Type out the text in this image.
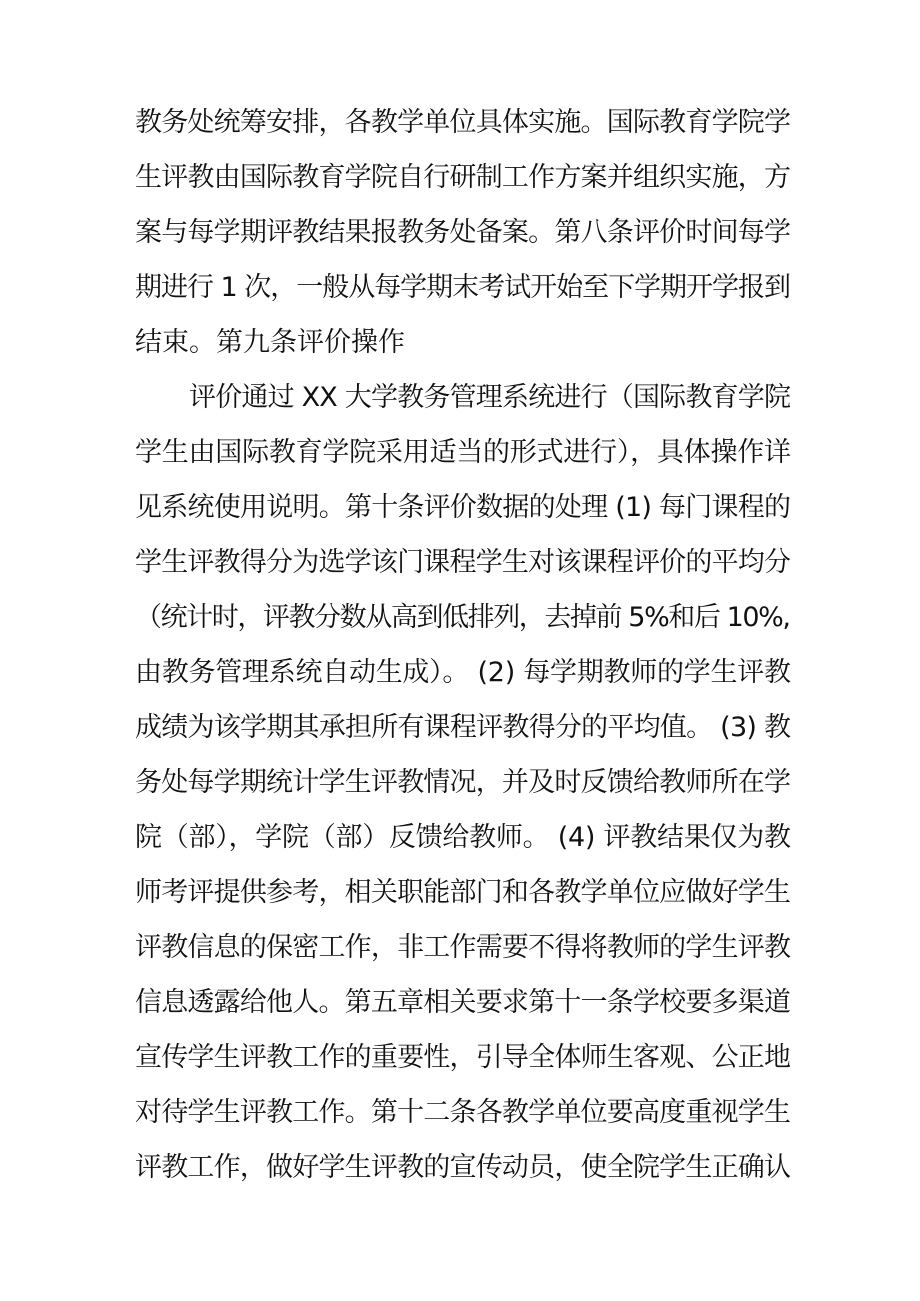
教务处统筹安排，各教学单位具体实施。国际教育学院学
生评教由国际教育学院自行研制工作方案并组织实施，方
案与每学期评教结果报教务处备案。第八条评价时间每学
期进行 1 次，一般从每学期末考试开始至下学期开学报到
结束。第九条评价操作
评价通过 XX 大学教务管理系统进行（国际教育学院
学生由国际教育学院采用适当的形式进行），具体操作详
见系统使用说明。第十条评价数据的处理 (1) 每门课程的
学生评教得分为选学该门课程学生对该课程评价的平均分
（统计时，评教分数从高到低排列，去掉前 5%和后 10%,
由教务管理系统自动生成）。 (2) 每学期教师的学生评教
成绩为该学期其承担所有课程评教得分的平均值。 (3) 教
务处每学期统计学生评教情况，并及时反馈给教师所在学
院（部），学院（部）反馈给教师。 (4) 评教结果仅为教
师考评提供参考，相关职能部门和各教学单位应做好学生
评教信息的保密工作，非工作需要不得将教师的学生评教
信息透露给他人。第五章相关要求第十一条学校要多渠道
宣传学生评教工作的重要性，引导全体师生客观、公正地
对待学生评教工作。第十二条各教学单位要高度重视学生
评教工作，做好学生评教的宣传动员，使全院学生正确认
